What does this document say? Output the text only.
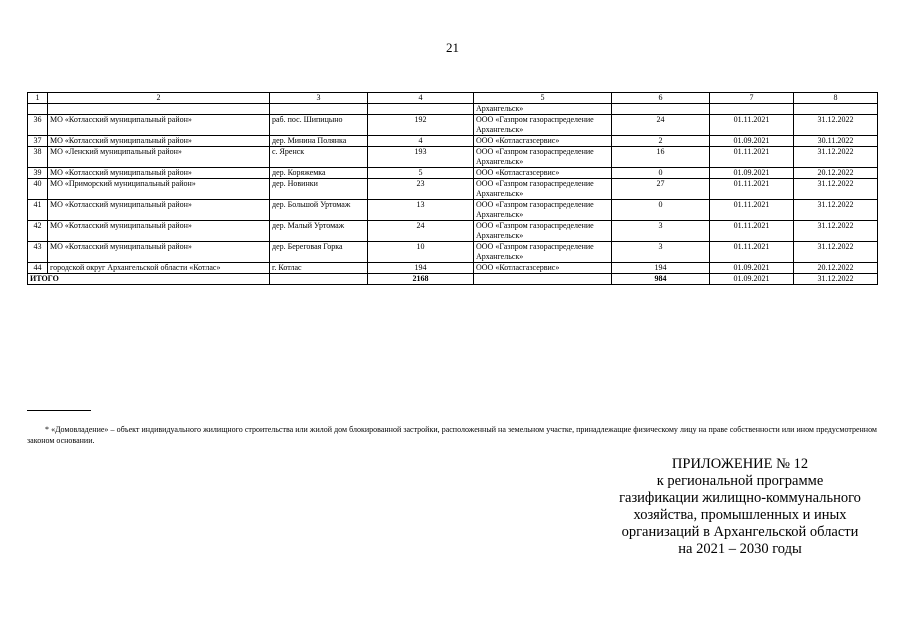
21
1	2	3	4	5	6	7	8
				Архангельск»			
36	МО «Котласский муниципальный район»	раб. пос. Шипицыно	192	ООО «Газпром газораспределение Архангельск»	24	01.11.2021	31.12.2022
37	МО «Котласский муниципальный район»	дер. Минина Полянка	4	ООО «Котласгазсервис»	2	01.09.2021	30.11.2022
38	МО «Ленский муниципальный район»	с. Яренск	193	ООО «Газпром газораспределение Архангельск»	16	01.11.2021	31.12.2022
39	МО «Котласский муниципальный район»	дер. Коряжемка	5	ООО «Котласгазсервис»	0	01.09.2021	20.12.2022
40	МО «Приморский муниципальный район»	дер. Новинки	23	ООО «Газпром газораспределение Архангельск»	27	01.11.2021	31.12.2022
41	МО «Котласский муниципальный район»	дер. Большой Уртомаж	13	ООО «Газпром газораспределение Архангельск»	0	01.11.2021	31.12.2022
42	МО «Котласский муниципальный район»	дер. Малый Уртомаж	24	ООО «Газпром газораспределение Архангельск»	3	01.11.2021	31.12.2022
43	МО «Котласский муниципальный район»	дер. Береговая Горка	10	ООО «Газпром газораспределение Архангельск»	3	01.11.2021	31.12.2022
44	городской округ Архангельской области «Котлас»	г. Котлас	194	ООО «Котласгазсервис»	194	01.09.2021	20.12.2022
ИТОГО			2168		984	01.09.2021	31.12.2022
* «Домовладение» – объект индивидуального жилищного строительства или жилой дом блокированной застройки, расположенный на земельном участке, принадлежащие физическому лицу на праве собственности или ином предусмотренном законом основании.
ПРИЛОЖЕНИЕ № 12
к региональной программе
газификации жилищно-коммунального
хозяйства, промышленных и иных
организаций в Архангельской области
на 2021 – 2030 годы
